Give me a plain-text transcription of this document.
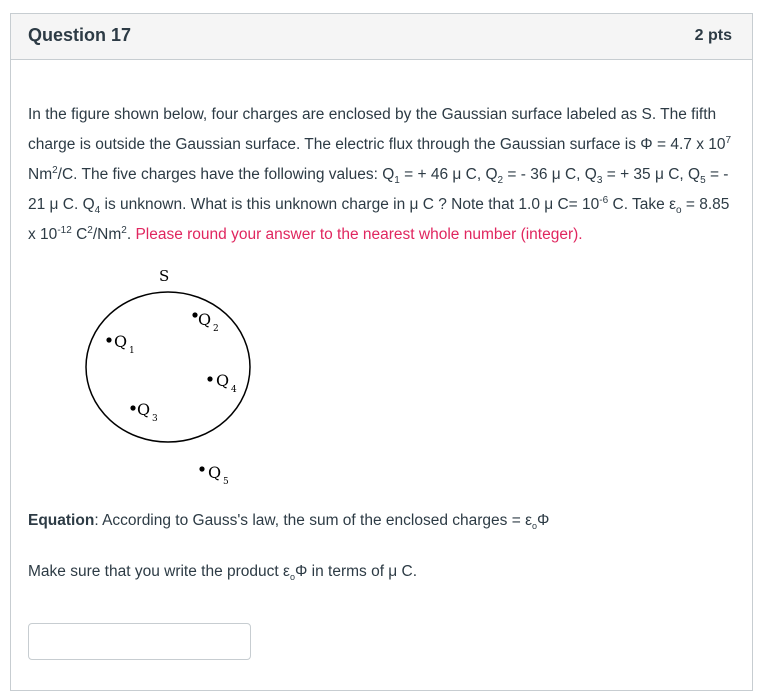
Question 17	2 pts
In the figure shown below, four charges are enclosed by the Gaussian surface labeled as S. The fifth charge is outside the Gaussian surface. The electric flux through the Gaussian surface is Φ = 4.7 x $10^7$ Nm$^2$/C. The five charges have the following values: $Q_1$ = + 46 μ C, $Q_2$ = - 36 μ C, $Q_3$ = + 35 μ C, $Q_5$ = - 21 μ C. $Q_4$ is unknown. What is this unknown charge in μ C ? Note that 1.0 μ $C= 10^{-6}$ C. Take $\varepsilon_o = 8.85$ x $10^{-12}$ $C^2/Nm^2$. Please round your answer to the nearest whole number (integer).
S
Q 1
Q 2
Q 3
Q 4
Q 5
Equation: According to Gauss's law, the sum of the enclosed charges = $\varepsilon_o\Phi$
Make sure that you write the product $\varepsilon_o\Phi$ in terms of μ C.
